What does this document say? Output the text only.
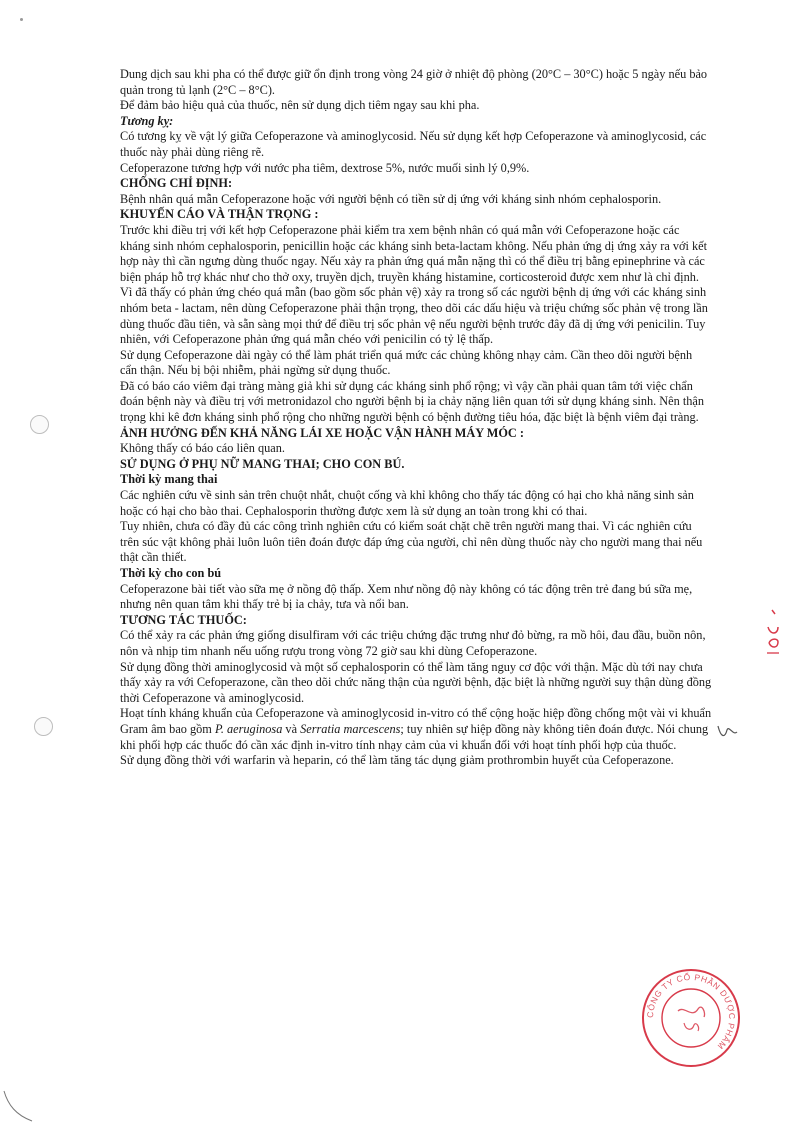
Dung dịch sau khi pha có thể được giữ ổn định trong vòng 24 giờ ở nhiệt độ phòng (20°C – 30°C) hoặc 5 ngày nếu bảo quản trong tủ lạnh (2°C – 8°C).

Để đảm bảo hiệu quả của thuốc, nên sử dụng dịch tiêm ngay sau khi pha.

Tương kỵ:

Có tương kỵ về vật lý giữa Cefoperazone và aminoglycosid. Nếu sử dụng kết hợp Cefoperazone và aminoglycosid, các thuốc này phải dùng riêng rẽ.

Cefoperazone tương hợp với nước pha tiêm, dextrose 5%, nước muối sinh lý 0,9%.

CHỐNG CHỈ ĐỊNH:

Bệnh nhân quá mẫn Cefoperazone hoặc với người bệnh có tiền sử dị ứng với kháng sinh nhóm cephalosporin.

KHUYẾN CÁO VÀ THẬN TRỌNG :

Trước khi điều trị với kết hợp Cefoperazone phải kiểm tra xem bệnh nhân có quá mẫn với Cefoperazone hoặc các kháng sinh nhóm cephalosporin, penicillin hoặc các kháng sinh beta-lactam không. Nếu phản ứng dị ứng xảy ra với kết hợp này thì cần ngưng dùng thuốc ngay. Nếu xảy ra phản ứng quá mẫn nặng thì có thể điều trị bằng epinephrine và các biện pháp hỗ trợ khác như cho thở oxy, truyền dịch, truyền kháng histamine, corticosteroid được xem như là chỉ định.

Vì đã thấy có phản ứng chéo quá mẫn (bao gồm sốc phản vệ) xảy ra trong số các người bệnh dị ứng với các kháng sinh nhóm beta - lactam, nên dùng Cefoperazone phải thận trọng, theo dõi các dấu hiệu và triệu chứng sốc phản vệ trong lần dùng thuốc đầu tiên, và sẵn sàng mọi thứ để điều trị sốc phản vệ nếu người bệnh trước đây đã dị ứng với penicilin. Tuy nhiên, với Cefoperazone phản ứng quá mẫn chéo với penicilin có tỷ lệ thấp.

Sử dụng Cefoperazone dài ngày có thể làm phát triển quá mức các chủng không nhạy cảm. Cần theo dõi người bệnh cẩn thận. Nếu bị bội nhiễm, phải ngừng sử dụng thuốc.

Đã có báo cáo viêm đại tràng màng giả khi sử dụng các kháng sinh phổ rộng; vì vậy cần phải quan tâm tới việc chẩn đoán bệnh này và điều trị với metronidazol cho người bệnh bị ỉa chảy nặng liên quan tới sử dụng kháng sinh. Nên thận trọng khi kê đơn kháng sinh phổ rộng cho những người bệnh có bệnh đường tiêu hóa, đặc biệt là bệnh viêm đại tràng.

ẢNH HƯỞNG ĐẾN KHẢ NĂNG LÁI XE HOẶC VẬN HÀNH MÁY MÓC :

Không thấy có báo cáo liên quan.

SỬ DỤNG Ở PHỤ NỮ MANG THAI; CHO CON BÚ.

Thời kỳ mang thai

Các nghiên cứu về sinh sản trên chuột nhắt, chuột cống và khỉ không cho thấy tác động có hại cho khả năng sinh sản hoặc có hại cho bào thai. Cephalosporin thường được xem là sử dụng an toàn trong khi có thai.

Tuy nhiên, chưa có đầy đủ các công trình nghiên cứu có kiểm soát chặt chẽ trên người mang thai. Vì các nghiên cứu trên súc vật không phải luôn luôn tiên đoán được đáp ứng của người, chỉ nên dùng thuốc này cho người mang thai nếu thật cần thiết.

Thời kỳ cho con bú

Cefoperazone bài tiết vào sữa mẹ ở nồng độ thấp. Xem như nồng độ này không có tác động trên trẻ đang bú sữa mẹ, nhưng nên quan tâm khi thấy trẻ bị ỉa chảy, tưa và nổi ban.

TƯƠNG TÁC THUỐC:

Có thể xảy ra các phản ứng giống disulfiram với các triệu chứng đặc trưng như đỏ bừng, ra mồ hôi, đau đầu, buồn nôn, nôn và nhịp tim nhanh nếu uống rượu trong vòng 72 giờ sau khi dùng Cefoperazone.

Sử dụng đồng thời aminoglycosid và một số cephalosporin có thể làm tăng nguy cơ độc với thận. Mặc dù tới nay chưa thấy xảy ra với Cefoperazone, cần theo dõi chức năng thận của người bệnh, đặc biệt là những người suy thận dùng đồng thời Cefoperazone và aminoglycosid.

Hoạt tính kháng khuẩn của Cefoperazone và aminoglycosid in-vitro có thể cộng hoặc hiệp đồng chống một vài vi khuẩn Gram âm bao gồm P. aeruginosa và Serratia marcescens; tuy nhiên sự hiệp đồng này không tiên đoán được. Nói chung khi phối hợp các thuốc đó cần xác định in-vitro tính nhạy cảm của vi khuẩn đối với hoạt tính phối hợp của thuốc.

Sử dụng đồng thời với warfarin và heparin, có thể làm tăng tác dụng giảm prothrombin huyết của Cefoperazone.

CÔNG TY CỔ PHẦN DƯỢC PHẨM
